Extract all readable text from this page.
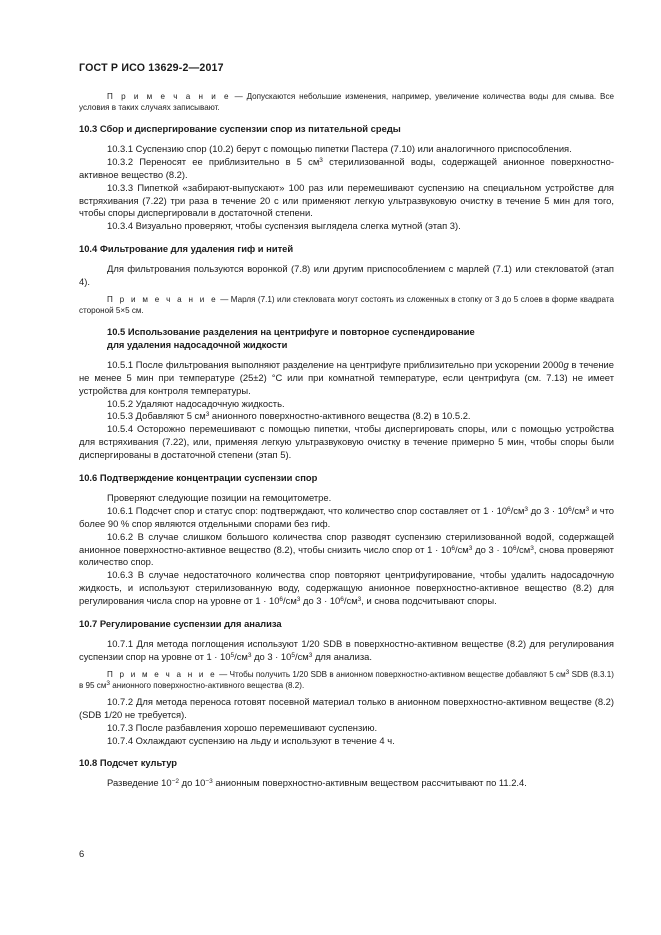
ГОСТ Р ИСО 13629-2—2017

П р и м е ч а н и е — Допускаются небольшие изменения, например, увеличение количества воды для смыва. Все условия в таких случаях записывают.

10.3 Сбор и диспергирование суспензии спор из питательной среды

10.3.1 Суспензию спор (10.2) берут с помощью пипетки Пастера (7.10) или аналогичного приспособления.

10.3.2 Переносят ее приблизительно в 5 $см^3$ стерилизованной воды, содержащей анионное поверхностно-активное вещество (8.2).

10.3.3 Пипеткой «забирают-выпускают» 100 раз или перемешивают суспензию на специальном устройстве для встряхивания (7.22) три раза в течение 20 с или применяют легкую ультразвуковую очистку в течение 5 мин для того, чтобы споры диспергировали в достаточной степени.

10.3.4 Визуально проверяют, чтобы суспензия выглядела слегка мутной (этап 3).

10.4 Фильтрование для удаления гиф и нитей

Для фильтрования пользуются воронкой (7.8) или другим приспособлением с марлей (7.1) или стекловатой (этап 4).

П р и м е ч а н и е — Марля (7.1) или стекловата могут состоять из сложенных в стопку от 3 до 5 слоев в форме квадрата стороной 5×5 см.

10.5 Использование разделения на центрифуге и повторное суспендирование

для удаления надосадочной жидкости

10.5.1 После фильтрования выполняют разделение на центрифуге приблизительно при ускорении 2000g в течение не менее 5 мин при температуре (25±2) °С или при комнатной температуре, если центрифуга (см. 7.13) не имеет устройства для контроля температуры.

10.5.2 Удаляют надосадочную жидкость.

10.5.3 Добавляют 5 $см^3$ анионного поверхностно-активного вещества (8.2) в 10.5.2.

10.5.4 Осторожно перемешивают с помощью пипетки, чтобы диспергировать споры, или с помощью устройства для встряхивания (7.22), или, применяя легкую ультразвуковую очистку в течение примерно 5 мин, чтобы споры были диспергированы в достаточной степени (этап 5).

10.6 Подтверждение концентрации суспензии спор

Проверяют следующие позиции на гемоцитометре.

10.6.1 Подсчет спор и статус спор: подтверждают, что количество спор составляет от $1 \cdot 10^6/см^3$ до $3 \cdot 10^6/см^3$ и что более 90 % спор являются отдельными спорами без гиф.

10.6.2 В случае слишком большого количества спор разводят суспензию стерилизованной водой, содержащей анионное поверхностно-активное вещество (8.2), чтобы снизить число спор от $1 \cdot 10^6/см^3$ до $3 \cdot 10^6/см^3$, снова проверяют количество спор.

10.6.3 В случае недостаточного количества спор повторяют центрифугирование, чтобы удалить надосадочную жидкость, и используют стерилизованную воду, содержащую анионное поверхностно-активное вещество (8.2) для регулирования числа спор на уровне от $1 \cdot 10^6/см^3$ до $3 \cdot 10^6/см^3$, и снова подсчитывают споры.

10.7 Регулирование суспензии для анализа

10.7.1 Для метода поглощения используют 1/20 SDB в поверхностно-активном веществе (8.2) для регулирования суспензии спор на уровне от $1 \cdot 10^5/см^3$ до $3 \cdot 10^5/см^3$ для анализа.

П р и м е ч а н и е — Чтобы получить 1/20 SDB в анионном поверхностно-активном веществе добавляют 5 $см^3$ SDB (8.3.1) в 95 $см^3$ анионного поверхностно-активного вещества (8.2).

10.7.2 Для метода переноса готовят посевной материал только в анионном поверхностно-активном веществе (8.2) (SDB 1/20 не требуется).

10.7.3 После разбавления хорошо перемешивают суспензию.

10.7.4 Охлаждают суспензию на льду и используют в течение 4 ч.

10.8 Подсчет культур

Разведение $10^{-2}$ до $10^{-3}$ анионным поверхностно-активным веществом рассчитывают по 11.2.4.

6
